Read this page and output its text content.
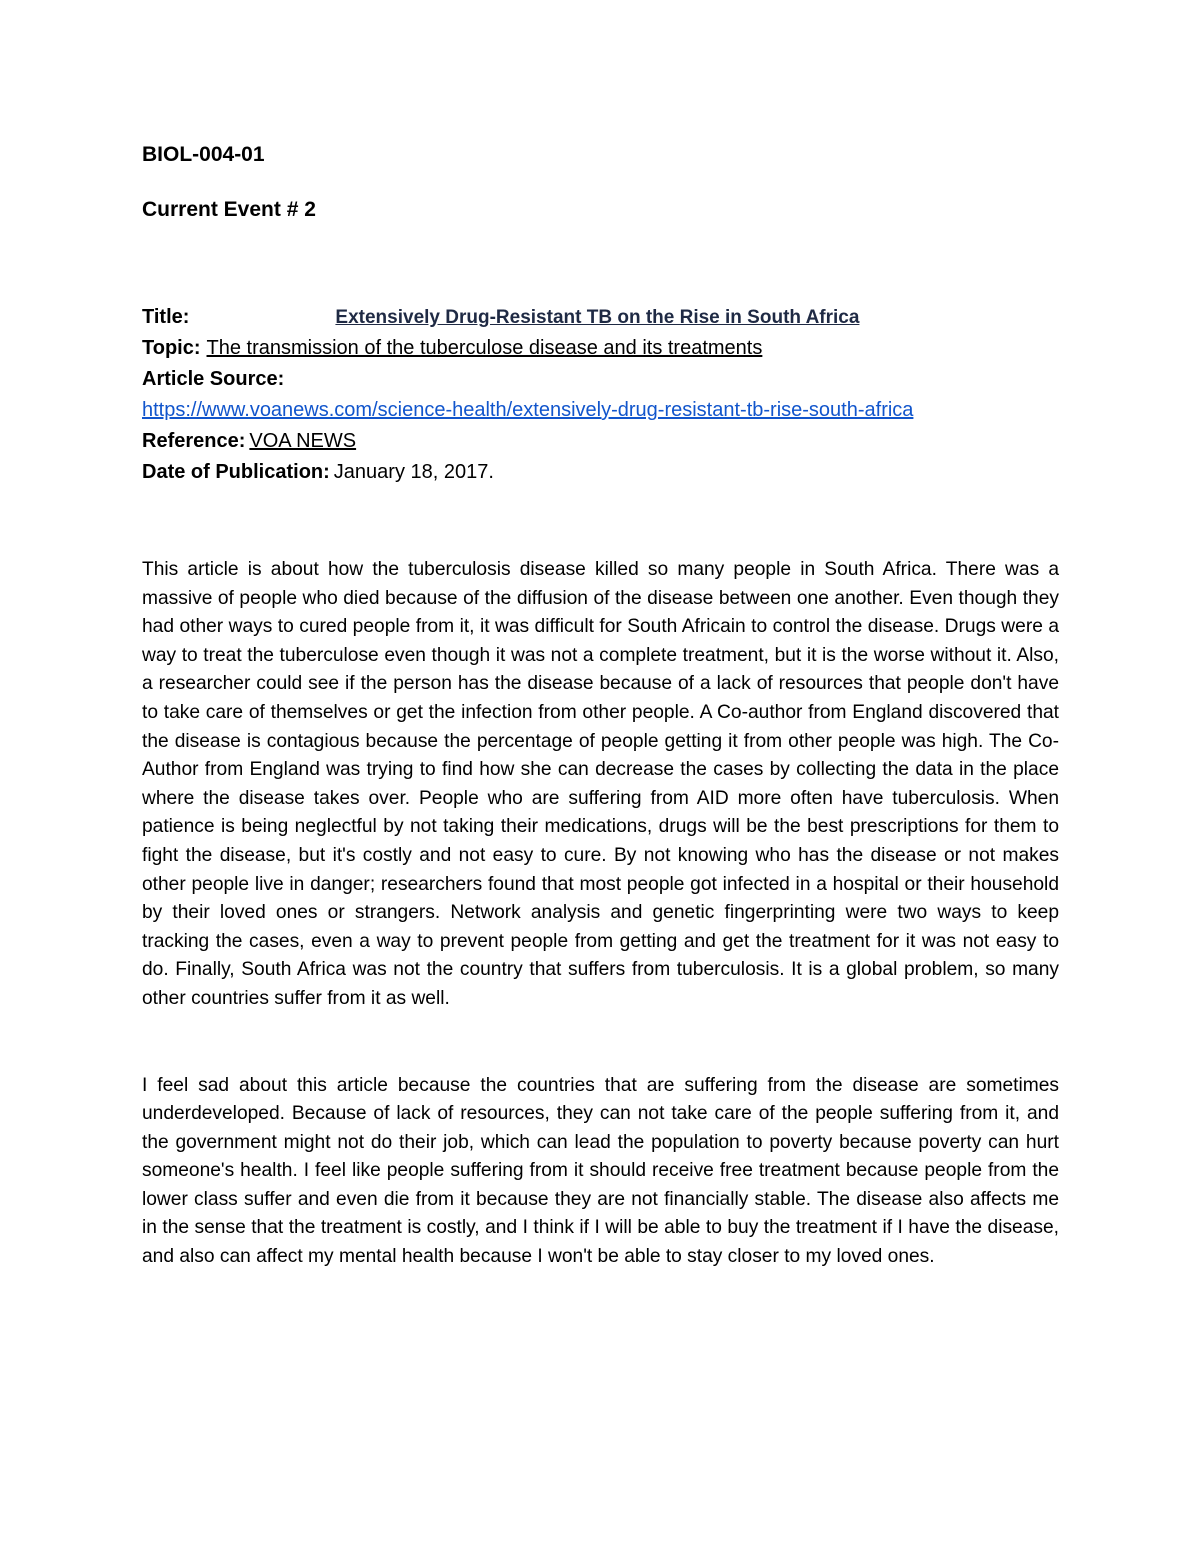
BIOL-004-01

Current Event # 2

Title:	Extensively Drug-Resistant TB on the Rise in South Africa
Topic: The transmission of the tuberculose disease and its treatments
Article Source:
https://www.voanews.com/science-health/extensively-drug-resistant-tb-rise-south-africa
Reference: VOA NEWS
Date of Publication: January 18, 2017.

This article is about how the tuberculosis disease killed so many people in South Africa. There was a massive of people who died because of the diffusion of the disease between one another. Even though they had other ways to cured people from it, it was difficult for South Africain to control the disease. Drugs were a way to treat the tuberculose even though it was not a complete treatment, but it is the worse without it. Also, a researcher could see if the person has the disease because of a lack of resources that people don't have to take care of themselves or get the infection from other people. A Co-author from England discovered that the disease is contagious because the percentage of people getting it from other people was high. The Co-Author from England was trying to find how she can decrease the cases by collecting the data in the place where the disease takes over. People who are suffering from AID more often have tuberculosis. When patience is being neglectful by not taking their medications, drugs will be the best prescriptions for them to fight the disease, but it's costly and not easy to cure. By not knowing who has the disease or not makes other people live in danger; researchers found that most people got infected in a hospital or their household by their loved ones or strangers. Network analysis and genetic fingerprinting were two ways to keep tracking the cases, even a way to prevent people from getting and get the treatment for it was not easy to do. Finally, South Africa was not the country that suffers from tuberculosis. It is a global problem, so many other countries suffer from it as well.

I feel sad about this article because the countries that are suffering from the disease are sometimes underdeveloped. Because of lack of resources, they can not take care of the people suffering from it, and the government might not do their job, which can lead the population to poverty because poverty can hurt someone's health. I feel like people suffering from it should receive free treatment because people from the lower class suffer and even die from it because they are not financially stable. The disease also affects me in the sense that the treatment is costly, and I think if I will be able to buy the treatment if I have the disease, and also can affect my mental health because I won't be able to stay closer to my loved ones.
